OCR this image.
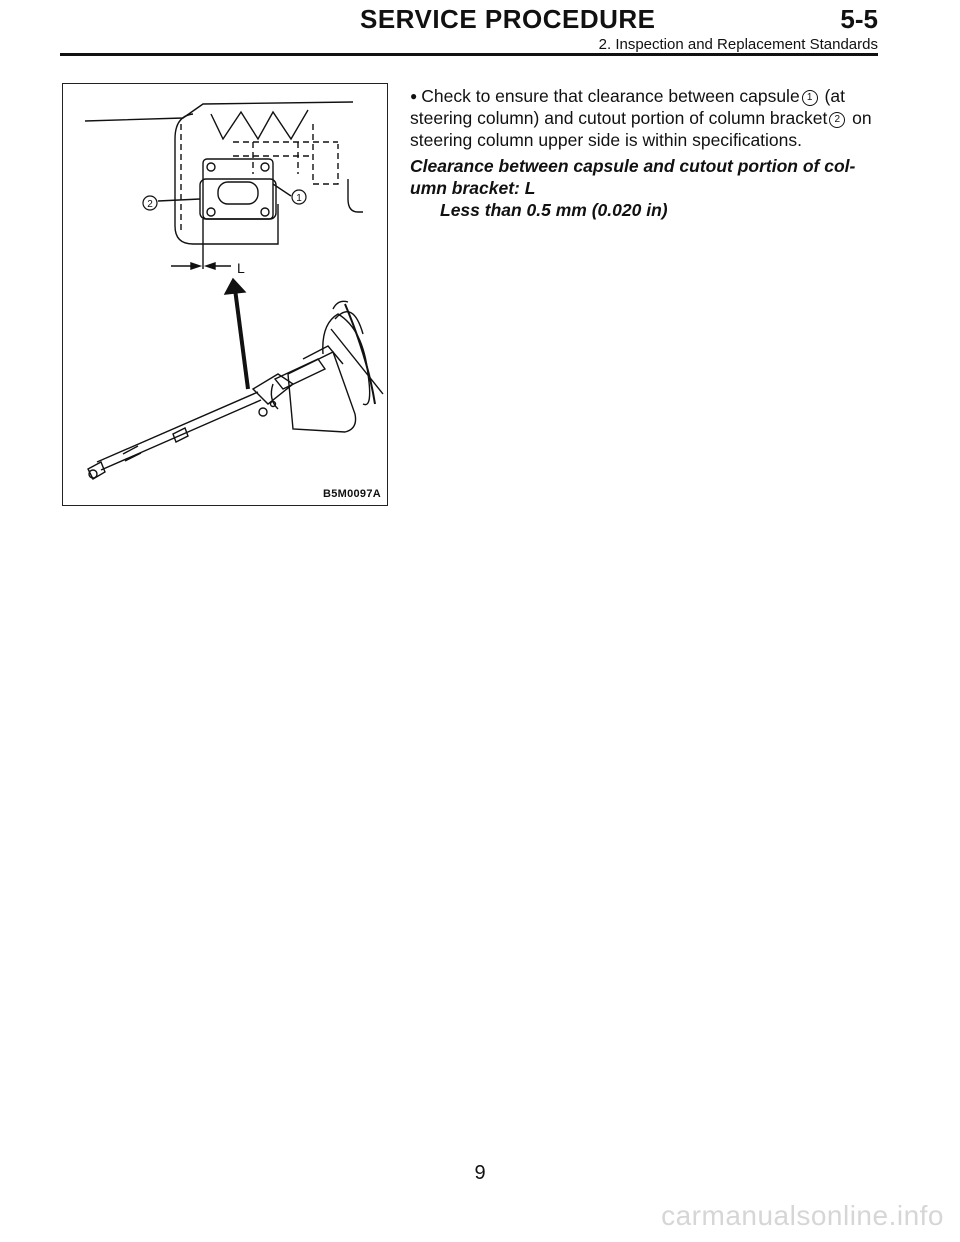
SERVICE PROCEDURE	5-5
2. Inspection and Replacement Standards
2
1
L
B5M0097A

● Check to ensure that clearance between capsule 1 (at steering column) and cutout portion of column bracket 2 on steering column upper side is within specifications.

Clearance between capsule and cutout portion of col-umn bracket: L

Less than 0.5 mm (0.020 in)

9
carmanualsonline.info
